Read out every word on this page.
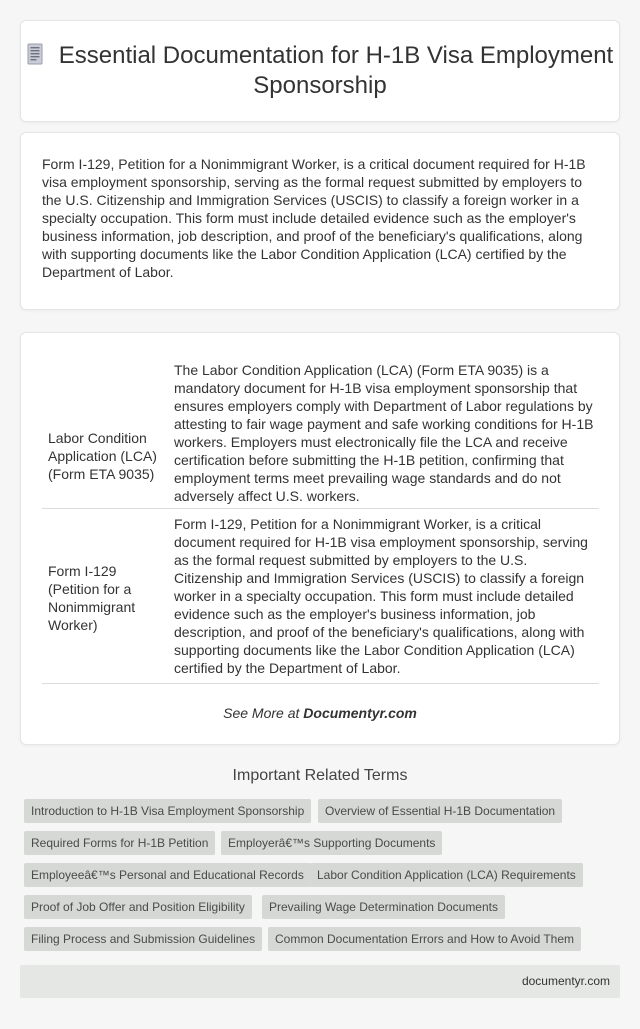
Essential Documentation for H-1B Visa Employment Sponsorship

Form I-129, Petition for a Nonimmigrant Worker, is a critical document required for H-1B visa employment sponsorship, serving as the formal request submitted by employers to the U.S. Citizenship and Immigration Services (USCIS) to classify a foreign worker in a specialty occupation. This form must include detailed evidence such as the employer's business information, job description, and proof of the beneficiary's qualifications, along with supporting documents like the Labor Condition Application (LCA) certified by the Department of Labor.

Labor Condition Application (LCA) (Form ETA 9035)
The Labor Condition Application (LCA) (Form ETA 9035) is a mandatory document for H-1B visa employment sponsorship that ensures employers comply with Department of Labor regulations by attesting to fair wage payment and safe working conditions for H-1B workers. Employers must electronically file the LCA and receive certification before submitting the H-1B petition, confirming that employment terms meet prevailing wage standards and do not adversely affect U.S. workers.
Form I-129 (Petition for a Nonimmigrant Worker)
Form I-129, Petition for a Nonimmigrant Worker, is a critical document required for H-1B visa employment sponsorship, serving as the formal request submitted by employers to the U.S. Citizenship and Immigration Services (USCIS) to classify a foreign worker in a specialty occupation. This form must include detailed evidence such as the employer's business information, job description, and proof of the beneficiary's qualifications, along with supporting documents like the Labor Condition Application (LCA) certified by the Department of Labor.
See More at Documentyr.com
Important Related Terms
Introduction to H-1B Visa Employment Sponsorship	Overview of Essential H-1B Documentation
Required Forms for H-1B Petition	Employerâ€™s Supporting Documents
Employeeâ€™s Personal and Educational Records	Labor Condition Application (LCA) Requirements
Proof of Job Offer and Position Eligibility	Prevailing Wage Determination Documents
Filing Process and Submission Guidelines	Common Documentation Errors and How to Avoid Them
documentyr.com
